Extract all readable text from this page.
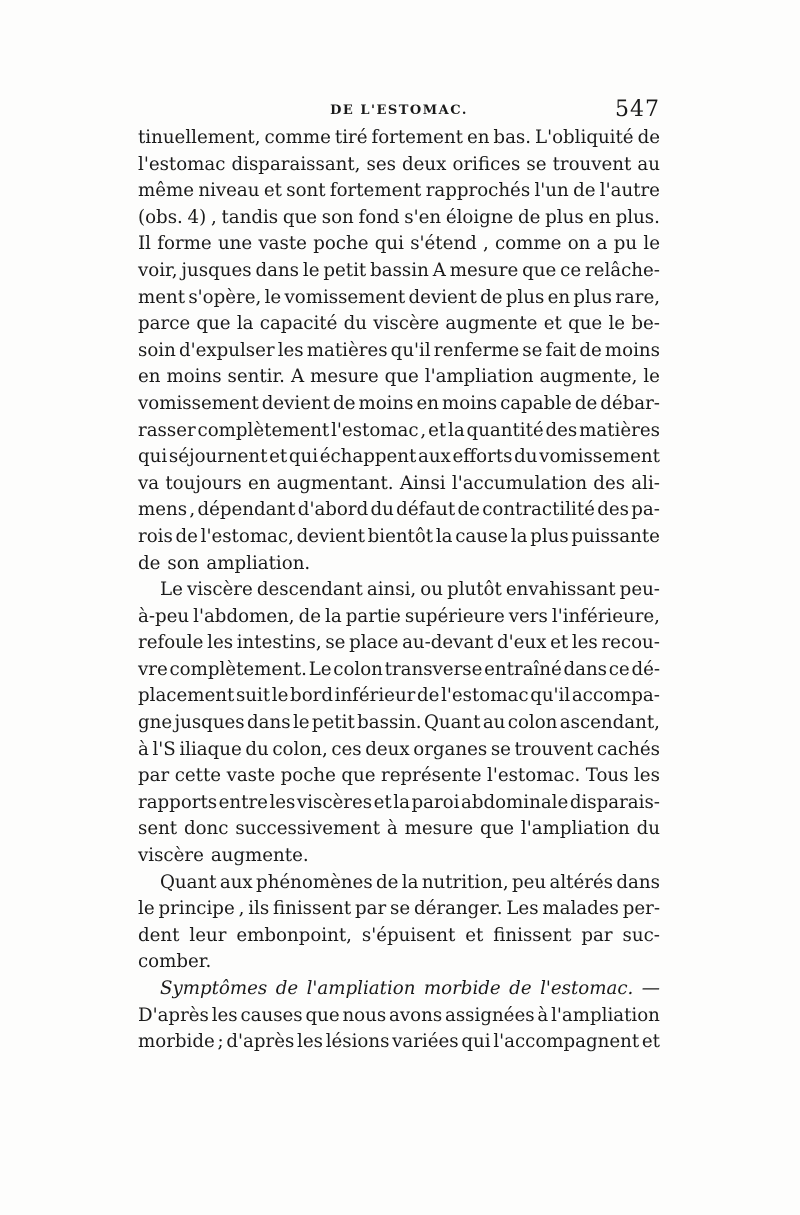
DE L'ESTOMAC.	547
tinuellement, comme tiré fortement en bas. L'obliquité de
l'estomac disparaissant, ses deux orifices se trouvent au
même niveau et sont fortement rapprochés l'un de l'autre
(obs. 4) , tandis que son fond s'en éloigne de plus en plus.
Il forme une vaste poche qui s'étend , comme on a pu le
voir, jusques dans le petit bassin A mesure que ce relâche-
ment s'opère, le vomissement devient de plus en plus rare,
parce que la capacité du viscère augmente et que le be-
soin d'expulser les matières qu'il renferme se fait de moins
en moins sentir. A mesure que l'ampliation augmente, le
vomissement devient de moins en moins capable de débar-
rasser complètement l'estomac , et la quantité des matières
qui séjournent et qui échappent aux efforts du vomissement
va toujours en augmentant. Ainsi l'accumulation des ali-
mens , dépendant d'abord du défaut de contractilité des pa-
rois de l'estomac, devient bientôt la cause la plus puissante
de son ampliation.
Le viscère descendant ainsi, ou plutôt envahissant peu-
à-peu l'abdomen, de la partie supérieure vers l'inférieure,
refoule les intestins, se place au-devant d'eux et les recou-
vre complètement. Le colon transverse entraîné dans ce dé-
placement suit le bord inférieur de l'estomac qu'il accompa-
gne jusques dans le petit bassin. Quant au colon ascendant,
à l'S iliaque du colon, ces deux organes se trouvent cachés
par cette vaste poche que représente l'estomac. Tous les
rapports entre les viscères et la paroi abdominale disparais-
sent donc successivement à mesure que l'ampliation du
viscère augmente.
Quant aux phénomènes de la nutrition, peu altérés dans
le principe , ils finissent par se déranger. Les malades per-
dent leur embonpoint, s'épuisent et finissent par suc-
comber.
Symptômes de l'ampliation morbide de l'estomac. —
D'après les causes que nous avons assignées à l'ampliation
morbide ; d'après les lésions variées qui l'accompagnent et
